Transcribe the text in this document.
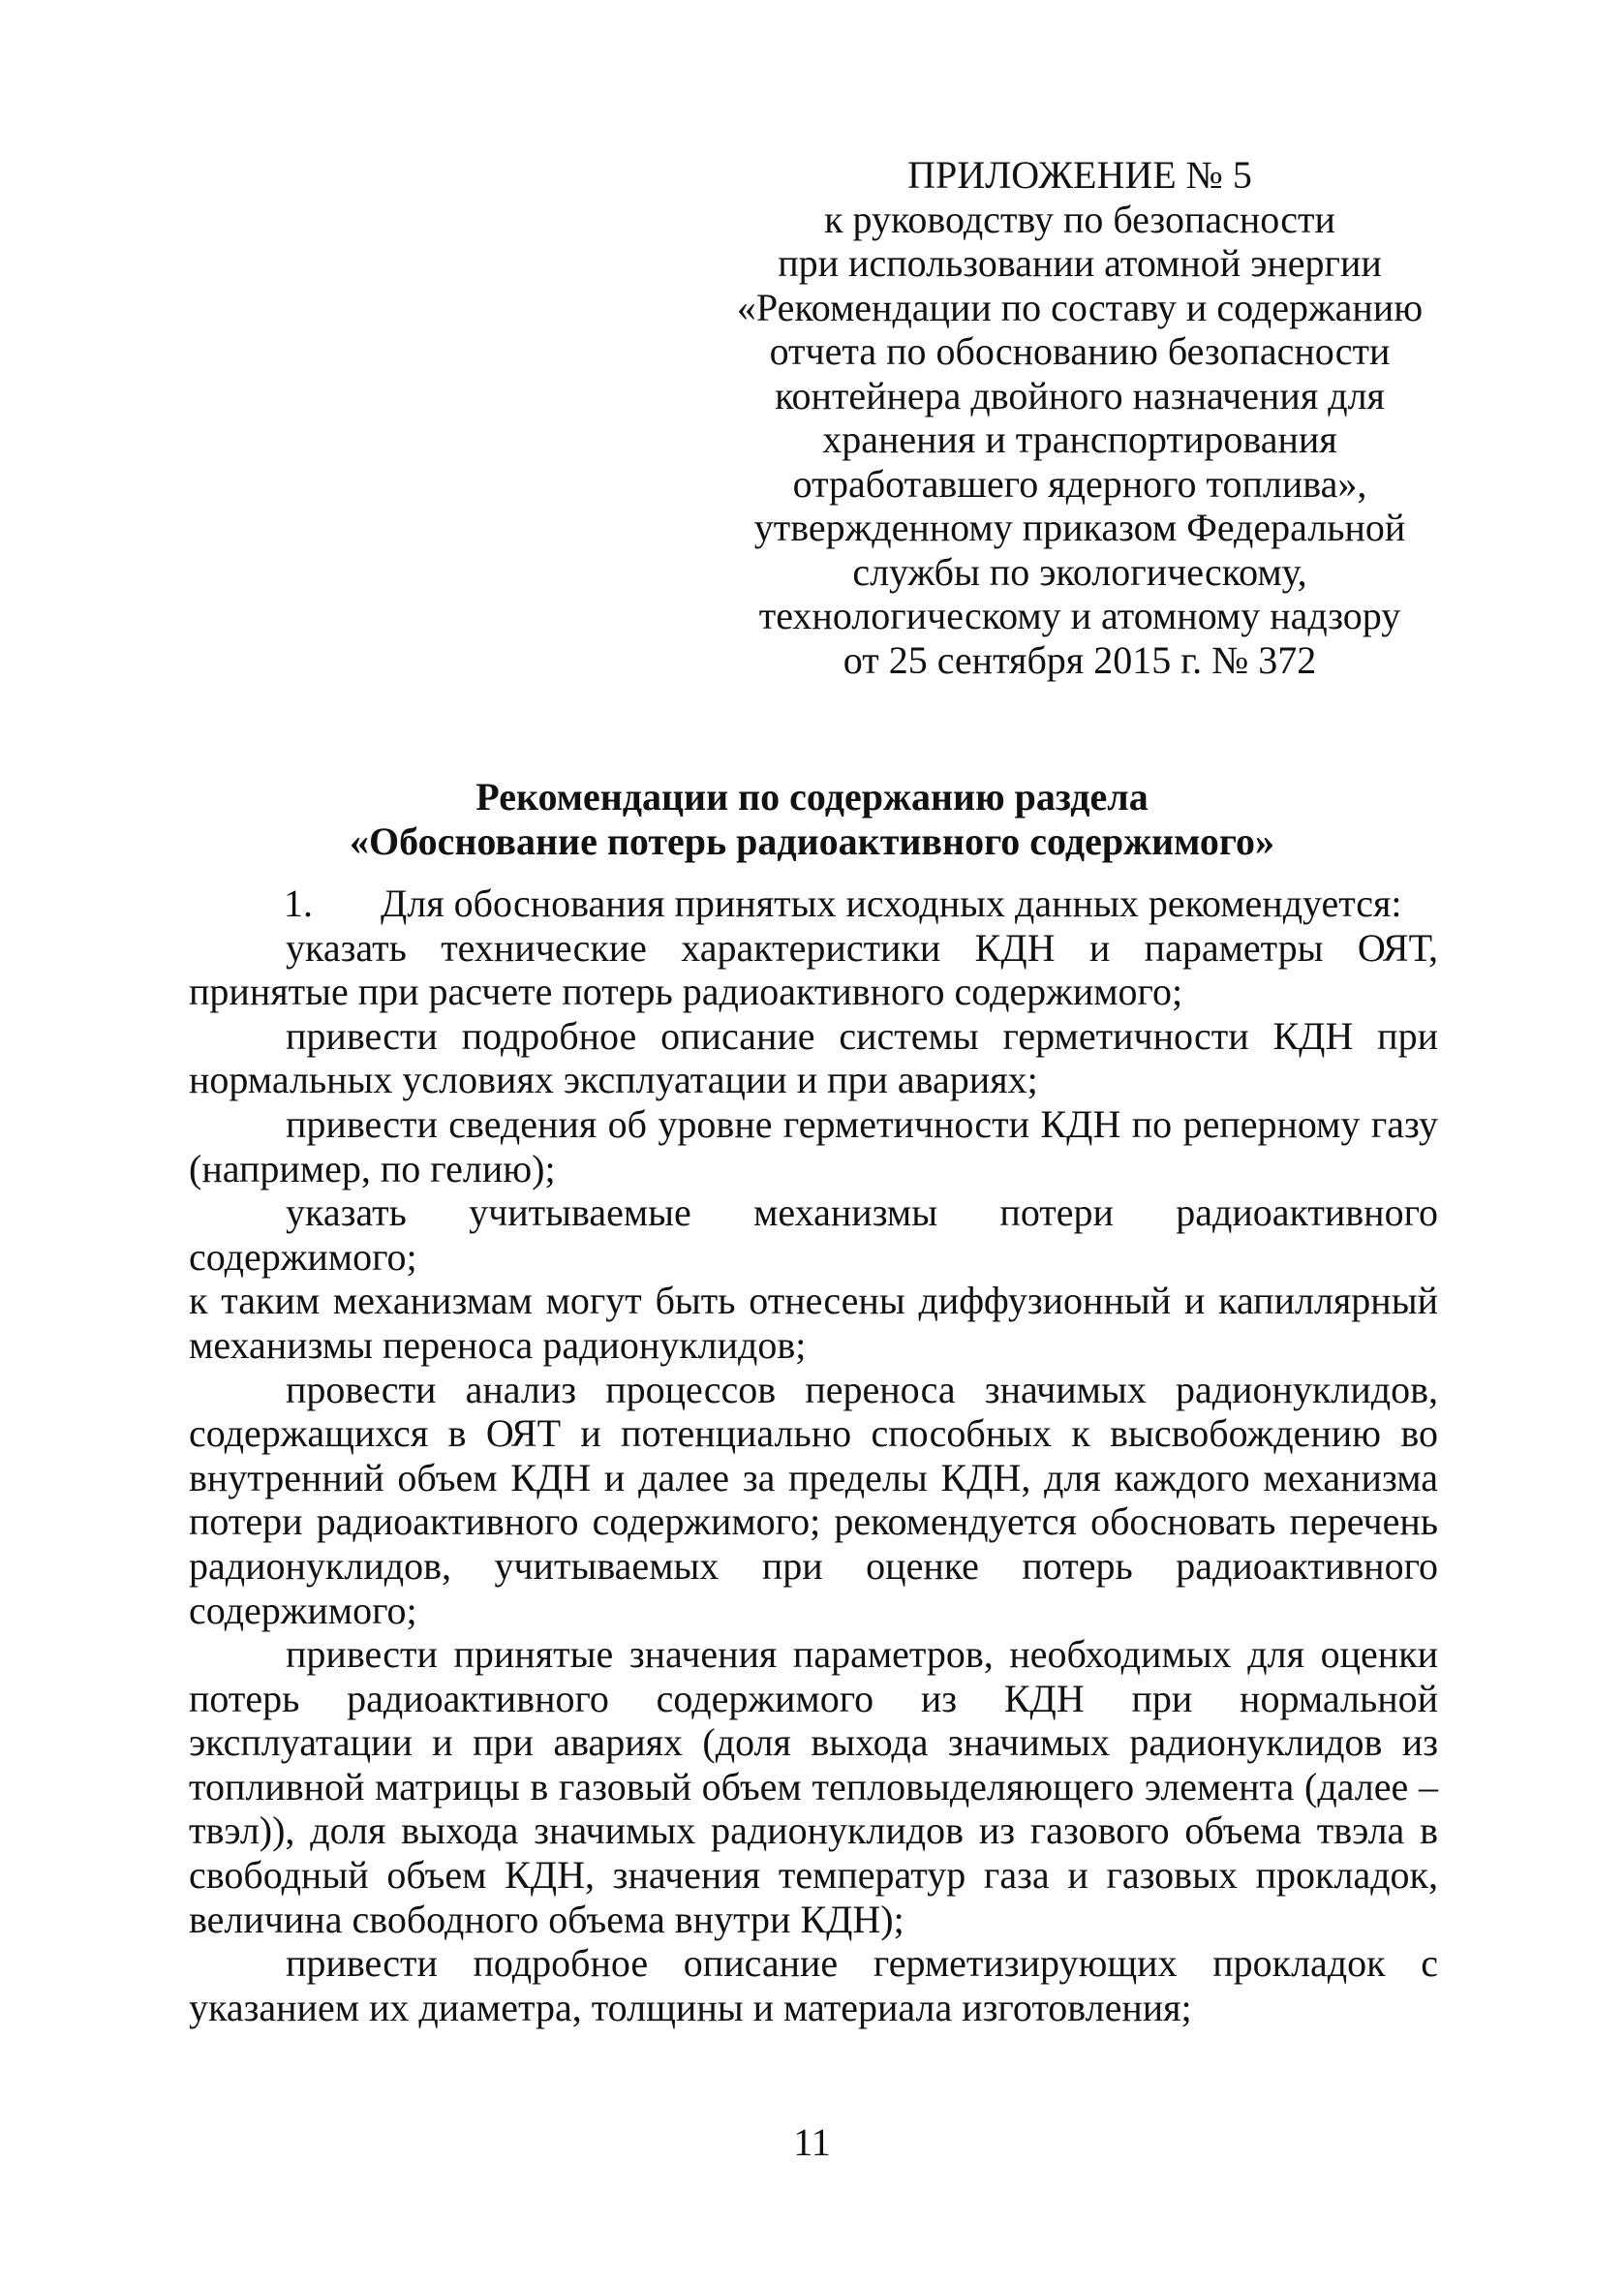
ПРИЛОЖЕНИЕ № 5
к руководству по безопасности
при использовании атомной энергии
«Рекомендации по составу и содержанию
отчета по обоснованию безопасности
контейнера двойного назначения для
хранения и транспортирования
отработавшего ядерного топлива»,
утвержденному приказом Федеральной
службы по экологическому,
технологическому и атомному надзору
от 25 сентября 2015 г. № 372
Рекомендации по содержанию раздела
«Обоснование потерь радиоактивного содержимого»

1. Для обоснования принятых исходных данных рекомендуется:

указать технические характеристики КДН и параметры ОЯТ, принятые при расчете потерь радиоактивного содержимого;

привести подробное описание системы герметичности КДН при нормальных условиях эксплуатации и при авариях;

привести сведения об уровне герметичности КДН по реперному газу (например, по гелию);

указать учитываемые механизмы потери радиоактивного содержимого;

к таким механизмам могут быть отнесены диффузионный и капиллярный механизмы переноса радионуклидов;

провести анализ процессов переноса значимых радионуклидов, содержащихся в ОЯТ и потенциально способных к высвобождению во внутренний объем КДН и далее за пределы КДН, для каждого механизма потери радиоактивного содержимого; рекомендуется обосновать перечень радионуклидов, учитываемых при оценке потерь радиоактивного содержимого;

привести принятые значения параметров, необходимых для оценки потерь радиоактивного содержимого из КДН при нормальной эксплуатации и при авариях (доля выхода значимых радионуклидов из топливной матрицы в газовый объем тепловыделяющего элемента (далее – твэл)), доля выхода значимых радионуклидов из газового объема твэла в свободный объем КДН, значения температур газа и газовых прокладок, величина свободного объема внутри КДН);

привести подробное описание герметизирующих прокладок с указанием их диаметра, толщины и материала изготовления;

11
